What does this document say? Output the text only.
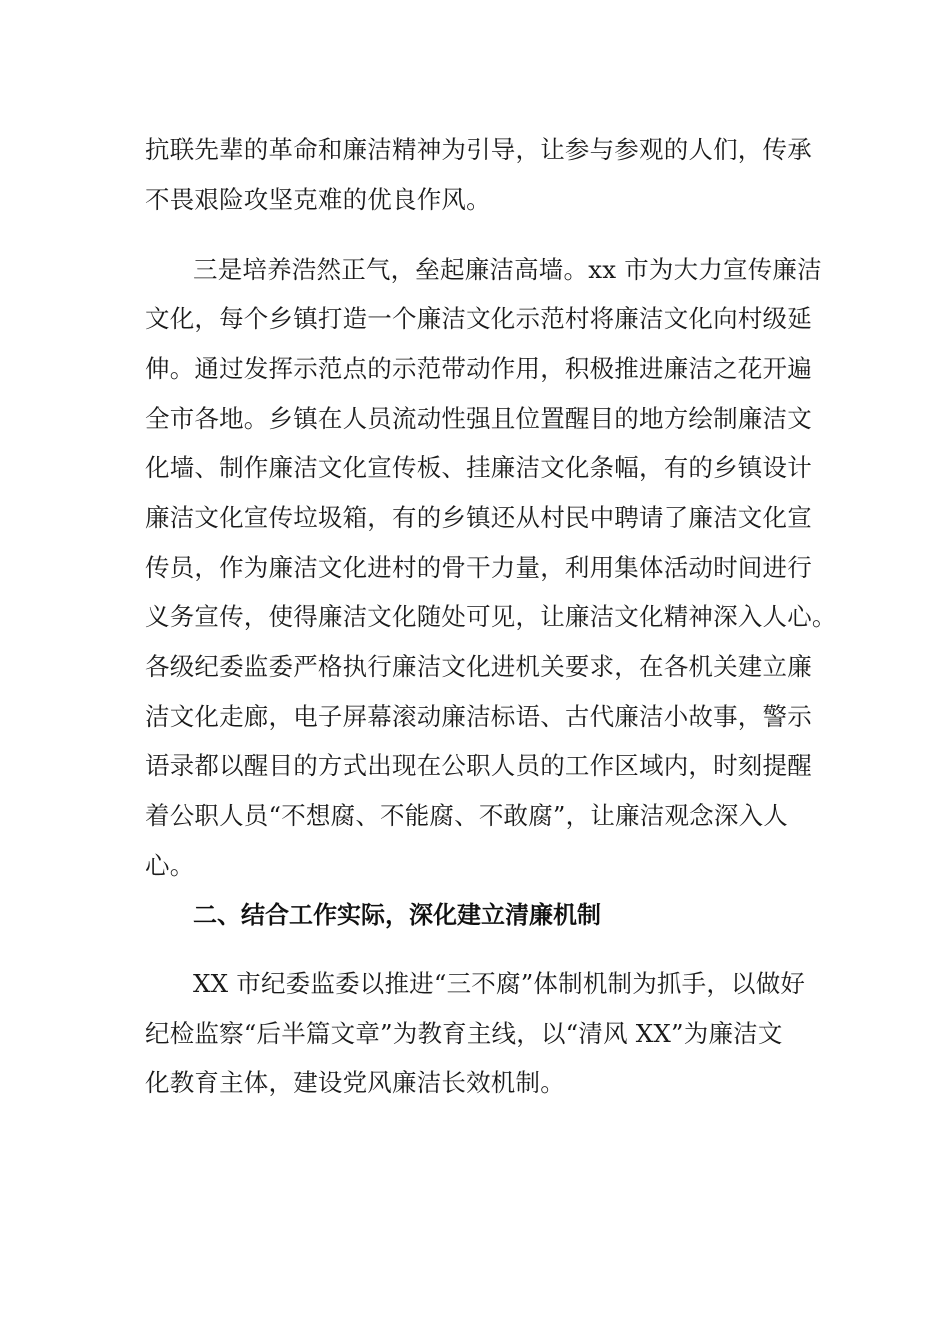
抗联先辈的革命和廉洁精神为引导，让参与参观的人们，传承
不畏艰险攻坚克难的优良作风。
三是培养浩然正气，垒起廉洁高墙。xx 市为大力宣传廉洁
文化，每个乡镇打造一个廉洁文化示范村将廉洁文化向村级延
伸。通过发挥示范点的示范带动作用，积极推进廉洁之花开遍
全市各地。乡镇在人员流动性强且位置醒目的地方绘制廉洁文
化墙、制作廉洁文化宣传板、挂廉洁文化条幅，有的乡镇设计
廉洁文化宣传垃圾箱，有的乡镇还从村民中聘请了廉洁文化宣
传员，作为廉洁文化进村的骨干力量，利用集体活动时间进行
义务宣传，使得廉洁文化随处可见，让廉洁文化精神深入人心。
各级纪委监委严格执行廉洁文化进机关要求，在各机关建立廉
洁文化走廊，电子屏幕滚动廉洁标语、古代廉洁小故事，警示
语录都以醒目的方式出现在公职人员的工作区域内，时刻提醒
着公职人员“不想腐、不能腐、不敢腐”，让廉洁观念深入人
心。
二、结合工作实际，深化建立清廉机制
XX 市纪委监委以推进“三不腐”体制机制为抓手，以做好
纪检监察“后半篇文章”为教育主线，以“清风 XX”为廉洁文
化教育主体，建设党风廉洁长效机制。
